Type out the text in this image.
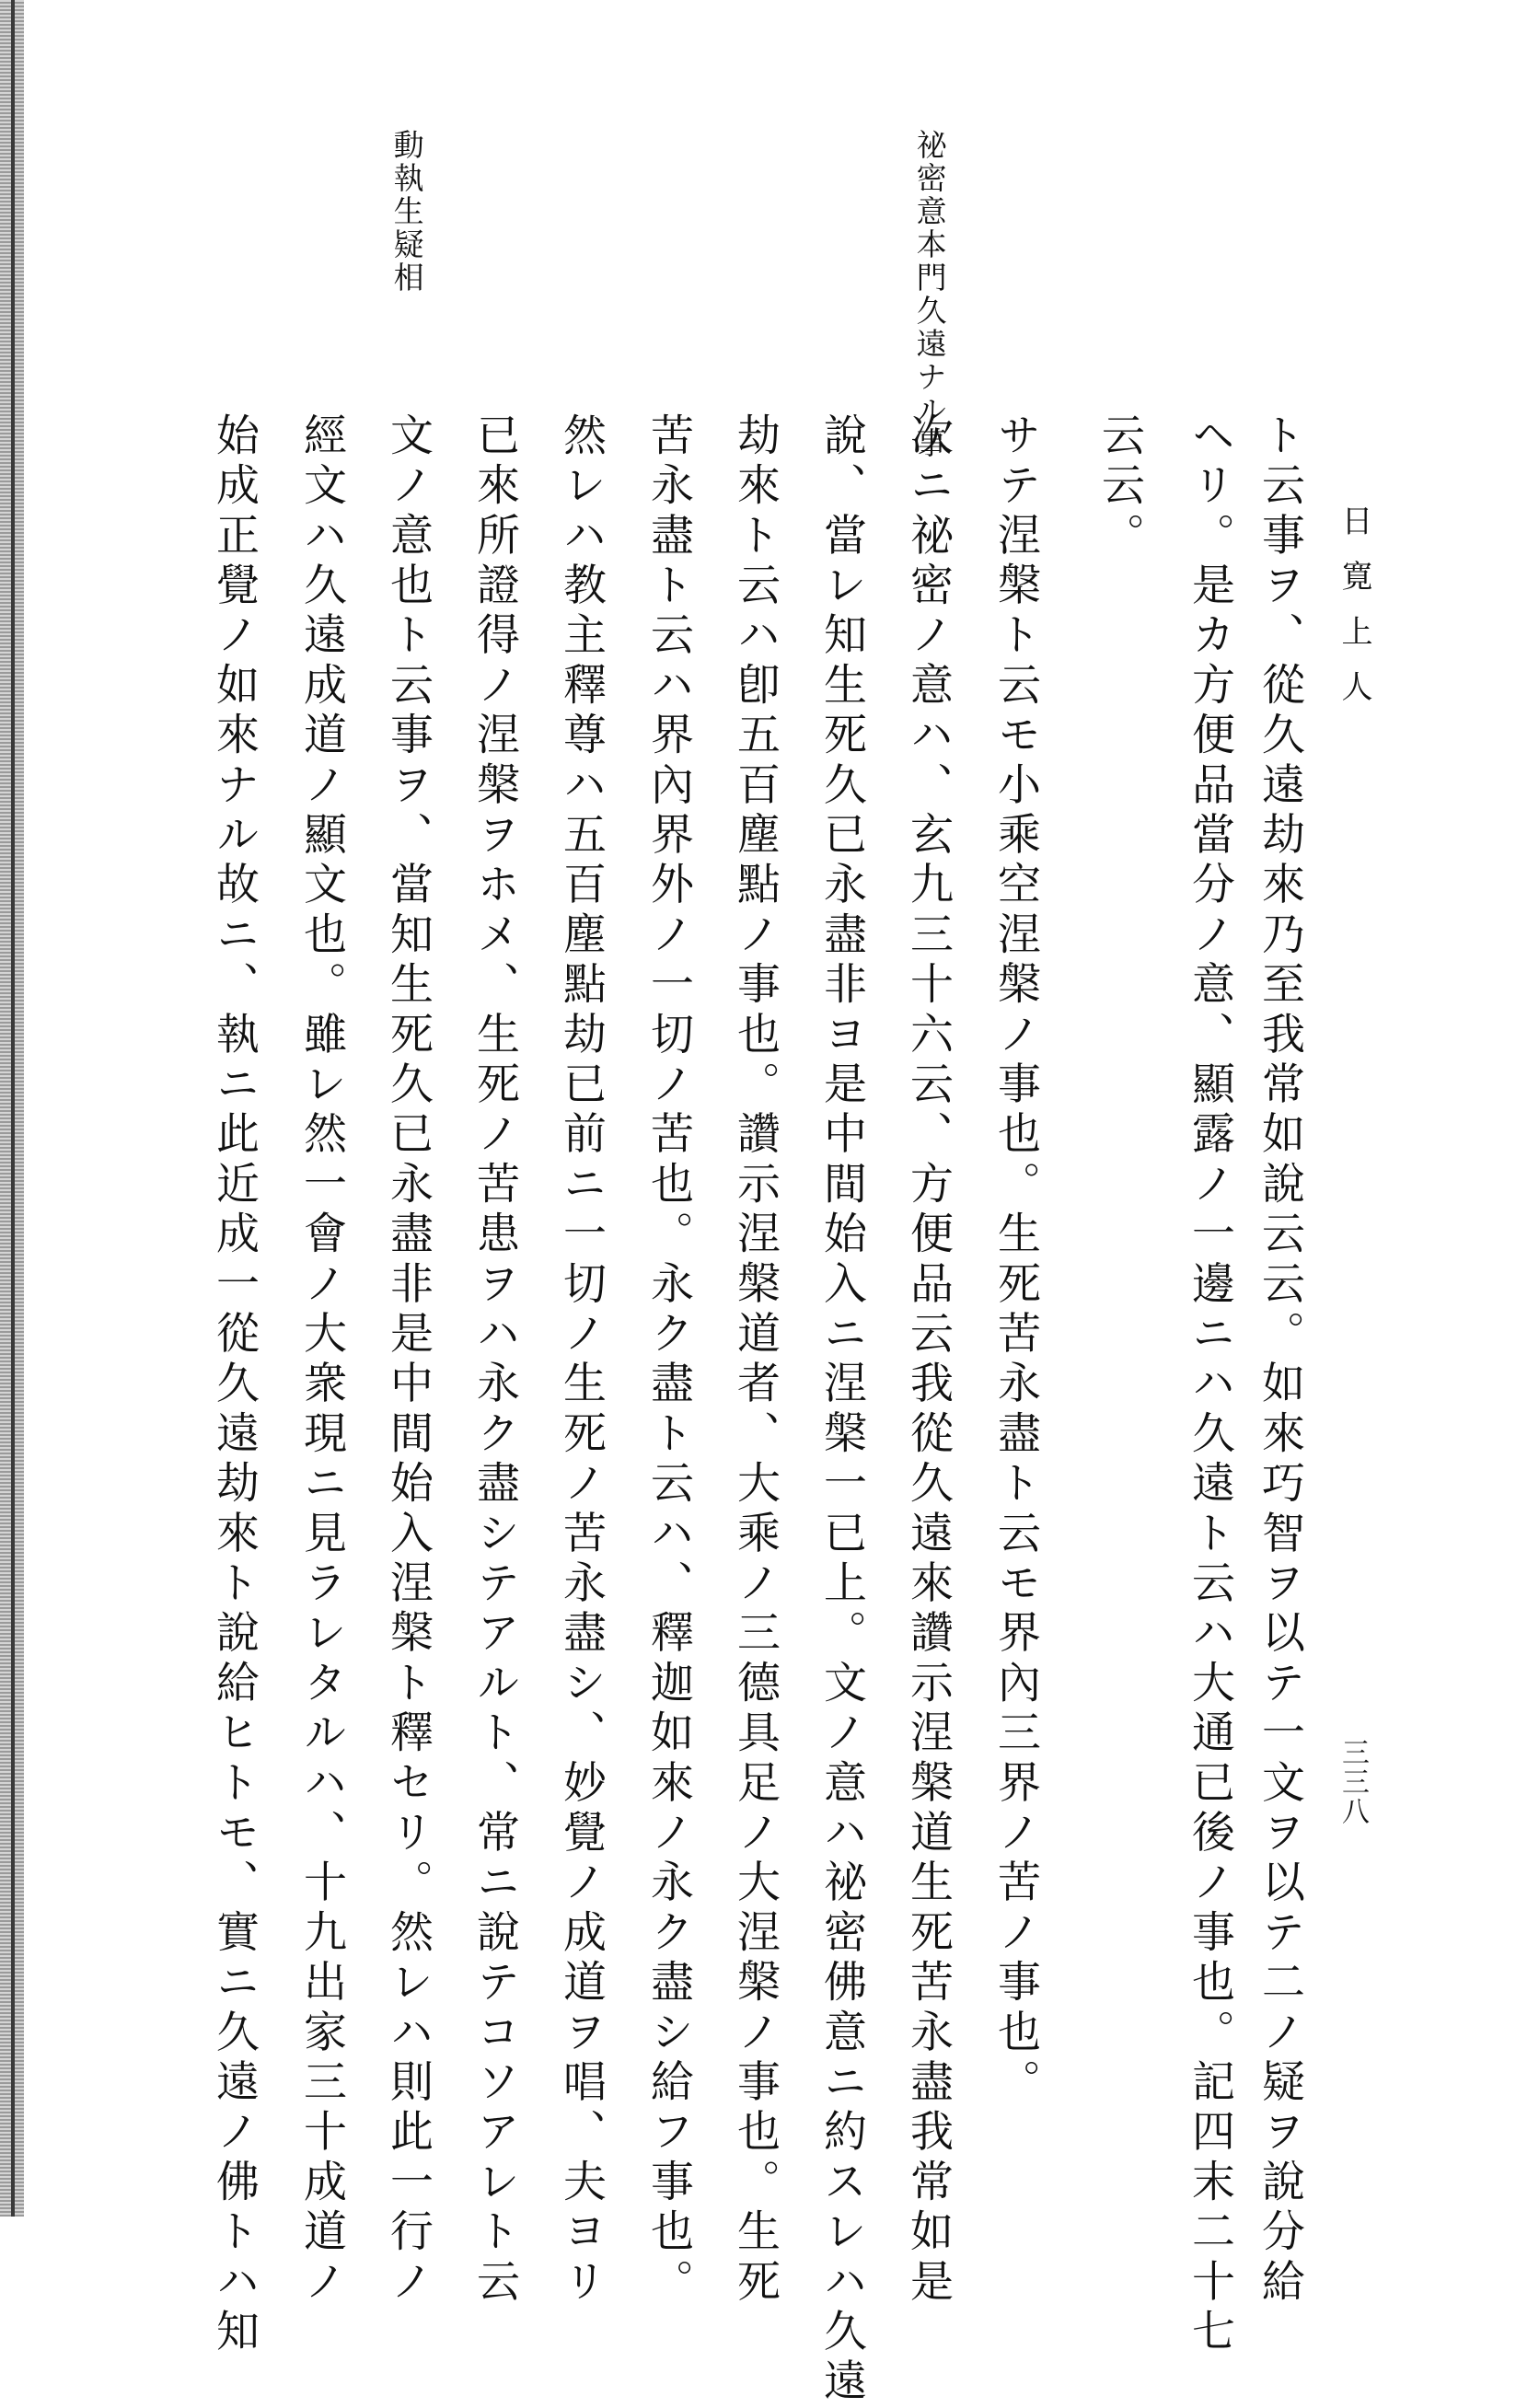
日寛上人
三三八
祕密意本門久遠ナル事
動執生疑相
ト云事ヲ、從久遠劫來乃至我常如說云云。如來巧智ヲ以テ一文ヲ以テ二ノ疑ヲ說分給
ヘリ。是カ方便品當分ノ意、顯露ノ一邊ニハ久遠ト云ハ大通已後ノ事也。記四末二十七
云云。
サテ涅槃ト云モ小乘空涅槃ノ事也。生死苦永盡ト云モ界內三界ノ苦ノ事也。
次ニ祕密ノ意ハ、玄九三十六云、方便品云我從久遠來讚示涅槃道生死苦永盡我常如是
說、當レ知生死久已永盡非ヨ是中間始入ニ涅槃一已上。文ノ意ハ祕密佛意ニ約スレハ久遠
劫來ト云ハ卽五百塵點ノ事也。讚示涅槃道者、大乘ノ三德具足ノ大涅槃ノ事也。生死
苦永盡ト云ハ界內界外ノ一切ノ苦也。永ク盡ト云ハ、釋迦如來ノ永ク盡シ給フ事也。
然レハ教主釋尊ハ五百塵點劫已前ニ一切ノ生死ノ苦永盡シ、妙覺ノ成道ヲ唱、夫ヨリ
已來所證得ノ涅槃ヲホメ、生死ノ苦患ヲハ永ク盡シテアルト、常ニ說テコソアレト云
文ノ意也ト云事ヲ、當知生死久已永盡非是中間始入涅槃ト釋セリ。然レハ則此一行ノ
經文ハ久遠成道ノ顯文也。雖レ然一會ノ大衆現ニ見ラレタルハ、十九出家三十成道ノ
始成正覺ノ如來ナル故ニ、執ニ此近成一從久遠劫來ト說給ヒトモ、實ニ久遠ノ佛トハ知
